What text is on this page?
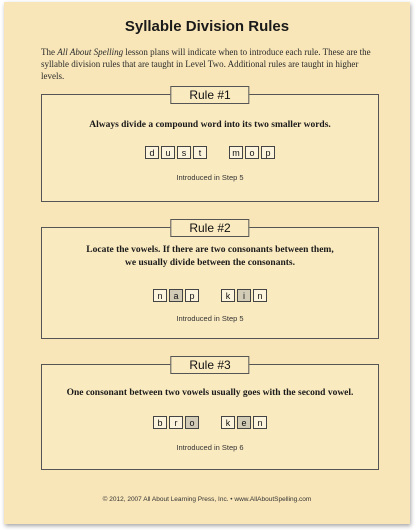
Syllable Division Rules
The All About Spelling lesson plans will indicate when to introduce each rule. These are the syllable division rules that are taught in Level Two. Additional rules are taught in higher levels.
Rule #1
Always divide a compound word into its two smaller words.
d u s t	m o p
Introduced in Step 5
Rule #2
Locate the vowels. If there are two consonants between them,
we usually divide between the consonants.
n a p	k i n
Introduced in Step 5
Rule #3
One consonant between two vowels usually goes with the second vowel.
b r o	k e n
Introduced in Step 6
© 2012, 2007 All About Learning Press, Inc. • www.AllAboutSpelling.com
